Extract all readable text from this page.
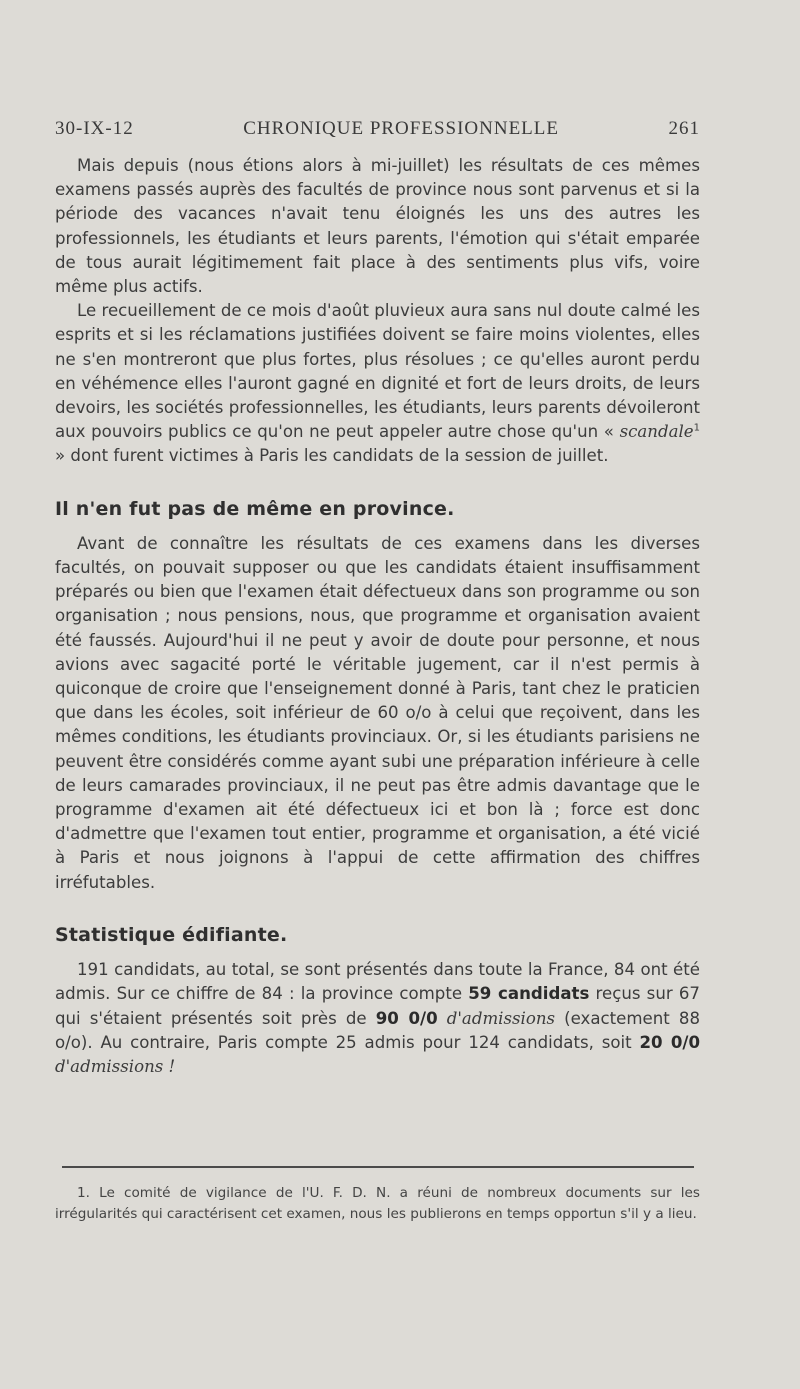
30-IX-12	CHRONIQUE PROFESSIONNELLE	261

Mais depuis (nous étions alors à mi-juillet) les résultats de ces mêmes examens passés auprès des facultés de province nous sont parvenus et si la période des vacances n'avait tenu éloignés les uns des autres les professionnels, les étudiants et leurs parents, l'émotion qui s'était emparée de tous aurait légitimement fait place à des sentiments plus vifs, voire même plus actifs.

Le recueillement de ce mois d'août pluvieux aura sans nul doute calmé les esprits et si les réclamations justifiées doivent se faire moins violentes, elles ne s'en montreront que plus fortes, plus résolues ; ce qu'elles auront perdu en véhémence elles l'auront gagné en dignité et fort de leurs droits, de leurs devoirs, les sociétés professionnelles, les étudiants, leurs parents dévoileront aux pouvoirs publics ce qu'on ne peut appeler autre chose qu'un « scandale$^1$ » dont furent victimes à Paris les candidats de la session de juillet.

Il n'en fut pas de même en province.

Avant de connaître les résultats de ces examens dans les diverses facultés, on pouvait supposer ou que les candidats étaient insuffisamment préparés ou bien que l'examen était défectueux dans son programme ou son organisation ; nous pensions, nous, que programme et organisation avaient été faussés. Aujourd'hui il ne peut y avoir de doute pour personne, et nous avions avec sagacité porté le véritable jugement, car il n'est permis à quiconque de croire que l'enseignement donné à Paris, tant chez le praticien que dans les écoles, soit inférieur de 60 o/o à celui que reçoivent, dans les mêmes conditions, les étudiants provinciaux. Or, si les étudiants parisiens ne peuvent être considérés comme ayant subi une préparation inférieure à celle de leurs camarades provinciaux, il ne peut pas être admis davantage que le programme d'examen ait été défectueux ici et bon là ; force est donc d'admettre que l'examen tout entier, programme et organisation, a été vicié à Paris et nous joignons à l'appui de cette affirmation des chiffres irréfutables.

Statistique édifiante.

191 candidats, au total, se sont présentés dans toute la France, 84 ont été admis. Sur ce chiffre de 84 : la province compte 59 candidats reçus sur 67 qui s'étaient présentés soit près de 90 0/0 d'admissions (exactement 88 o/o). Au contraire, Paris compte 25 admis pour 124 candidats, soit 20 0/0 d'admissions !

1. Le comité de vigilance de l'U. F. D. N. a réuni de nombreux documents sur les irrégularités qui caractérisent cet examen, nous les publierons en temps opportun s'il y a lieu.
